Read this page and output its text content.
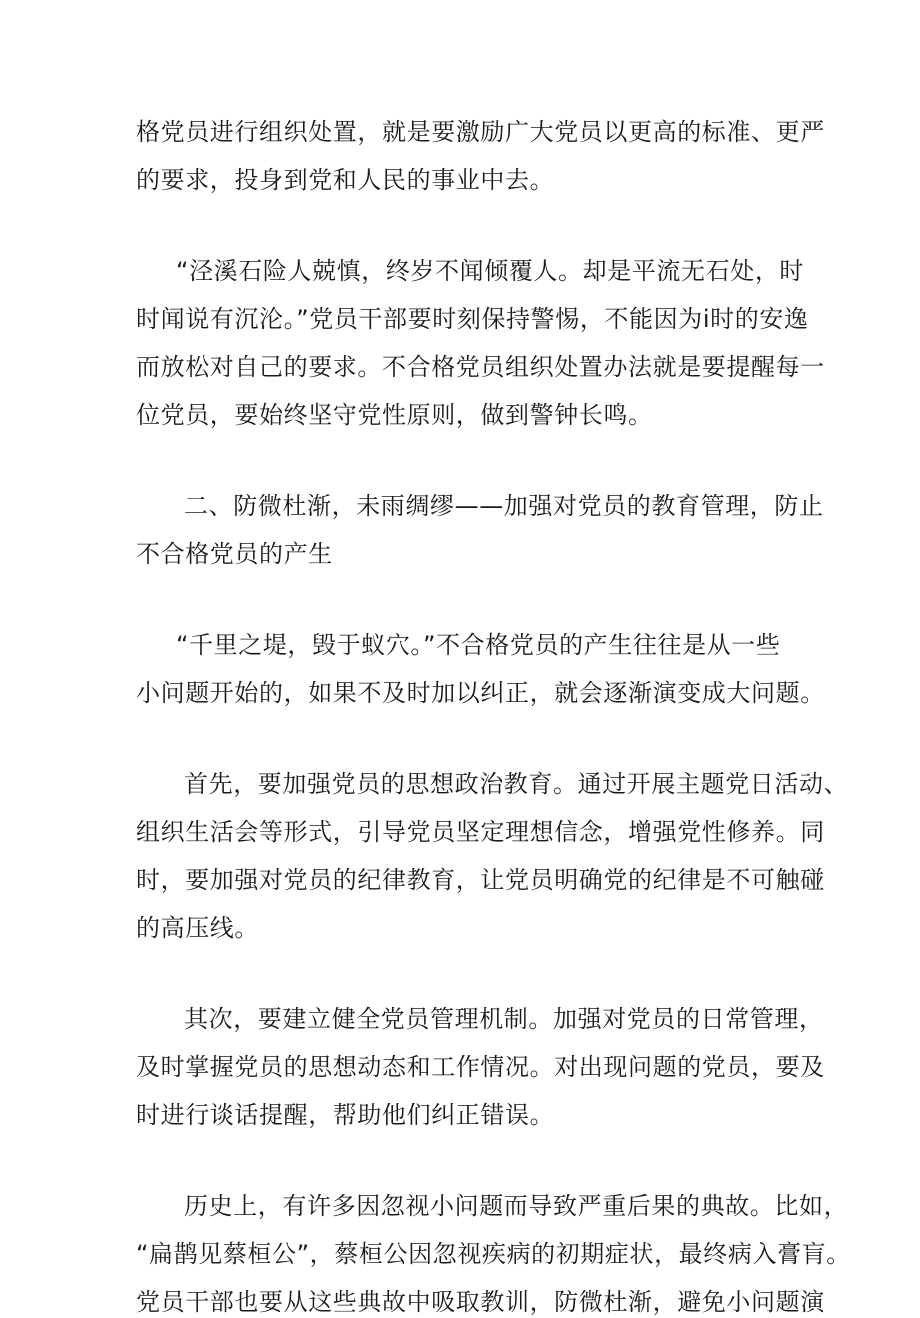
格党员进行组织处置，就是要激励广大党员以更高的标准、更严
的要求，投身到党和人民的事业中去。
“泾溪石险人兢慎，终岁不闻倾覆人。却是平流无石处，时
时闻说有沉沦。”党员干部要时刻保持警惕，不能因为i时的安逸
而放松对自己的要求。不合格党员组织处置办法就是要提醒每一
位党员，要始终坚守党性原则，做到警钟长鸣。
二、防微杜渐，未雨绸缪——加强对党员的教育管理，防止
不合格党员的产生
“千里之堤，毁于蚁穴。”不合格党员的产生往往是从一些
小问题开始的，如果不及时加以纠正，就会逐渐演变成大问题。
首先，要加强党员的思想政治教育。通过开展主题党日活动、
组织生活会等形式，引导党员坚定理想信念，增强党性修养。同
时，要加强对党员的纪律教育，让党员明确党的纪律是不可触碰
的高压线。
其次，要建立健全党员管理机制。加强对党员的日常管理，
及时掌握党员的思想动态和工作情况。对出现问题的党员，要及
时进行谈话提醒，帮助他们纠正错误。
历史上，有许多因忽视小问题而导致严重后果的典故。比如，
“扁鹊见蔡桓公”，蔡桓公因忽视疾病的初期症状，最终病入膏肓。
党员干部也要从这些典故中吸取教训，防微杜渐，避免小问题演
